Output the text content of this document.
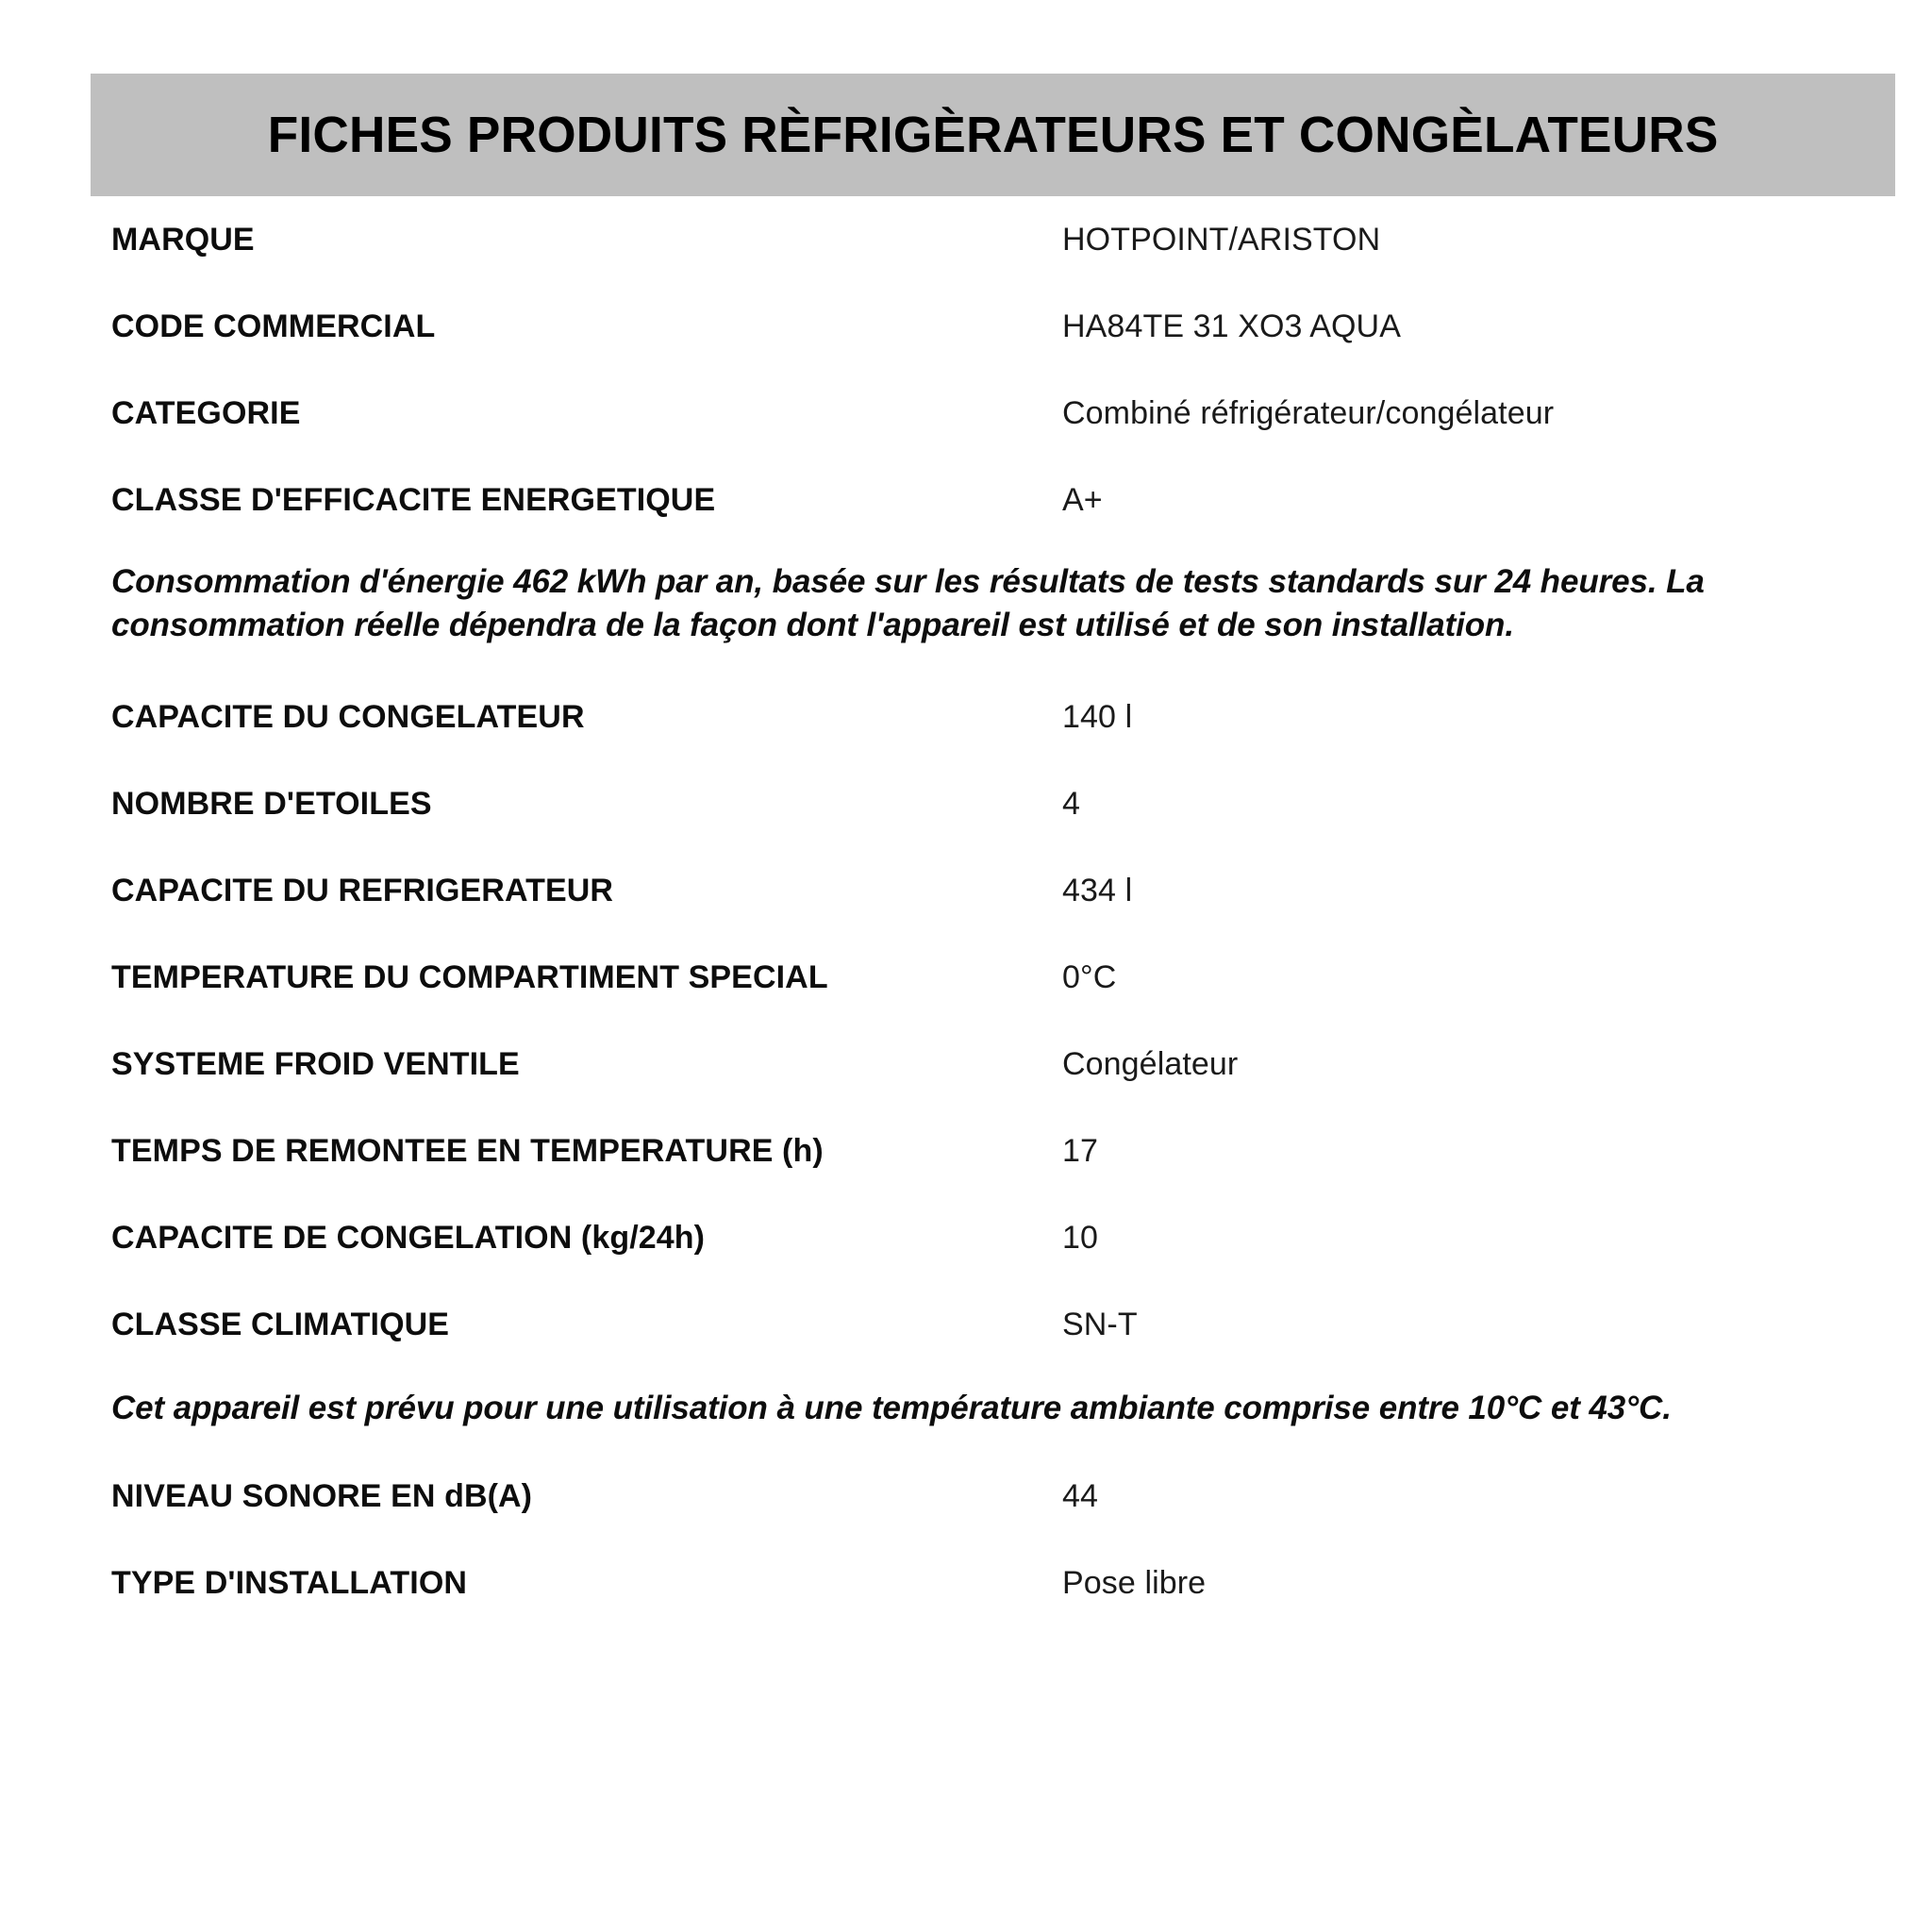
FICHES PRODUITS RÈFRIGÈRATEURS ET CONGÈLATEURS
MARQUE	HOTPOINT/ARISTON
CODE COMMERCIAL	HA84TE 31 XO3 AQUA
CATEGORIE	Combiné réfrigérateur/congélateur
CLASSE D'EFFICACITE ENERGETIQUE	A+
Consommation d'énergie 462 kWh par an, basée sur les résultats de tests standards sur 24 heures. La consommation réelle dépendra de la façon dont l'appareil est utilisé et de son installation.
CAPACITE DU CONGELATEUR	140 l
NOMBRE D'ETOILES	4
CAPACITE DU REFRIGERATEUR	434 l
TEMPERATURE DU COMPARTIMENT SPECIAL	0°C
SYSTEME FROID VENTILE	Congélateur
TEMPS DE REMONTEE EN TEMPERATURE (h)	17
CAPACITE DE CONGELATION (kg/24h)	10
CLASSE CLIMATIQUE	SN-T
Cet appareil est prévu pour une utilisation à une température ambiante comprise entre 10°C et 43°C.
NIVEAU SONORE EN dB(A)	44
TYPE D'INSTALLATION	Pose libre
